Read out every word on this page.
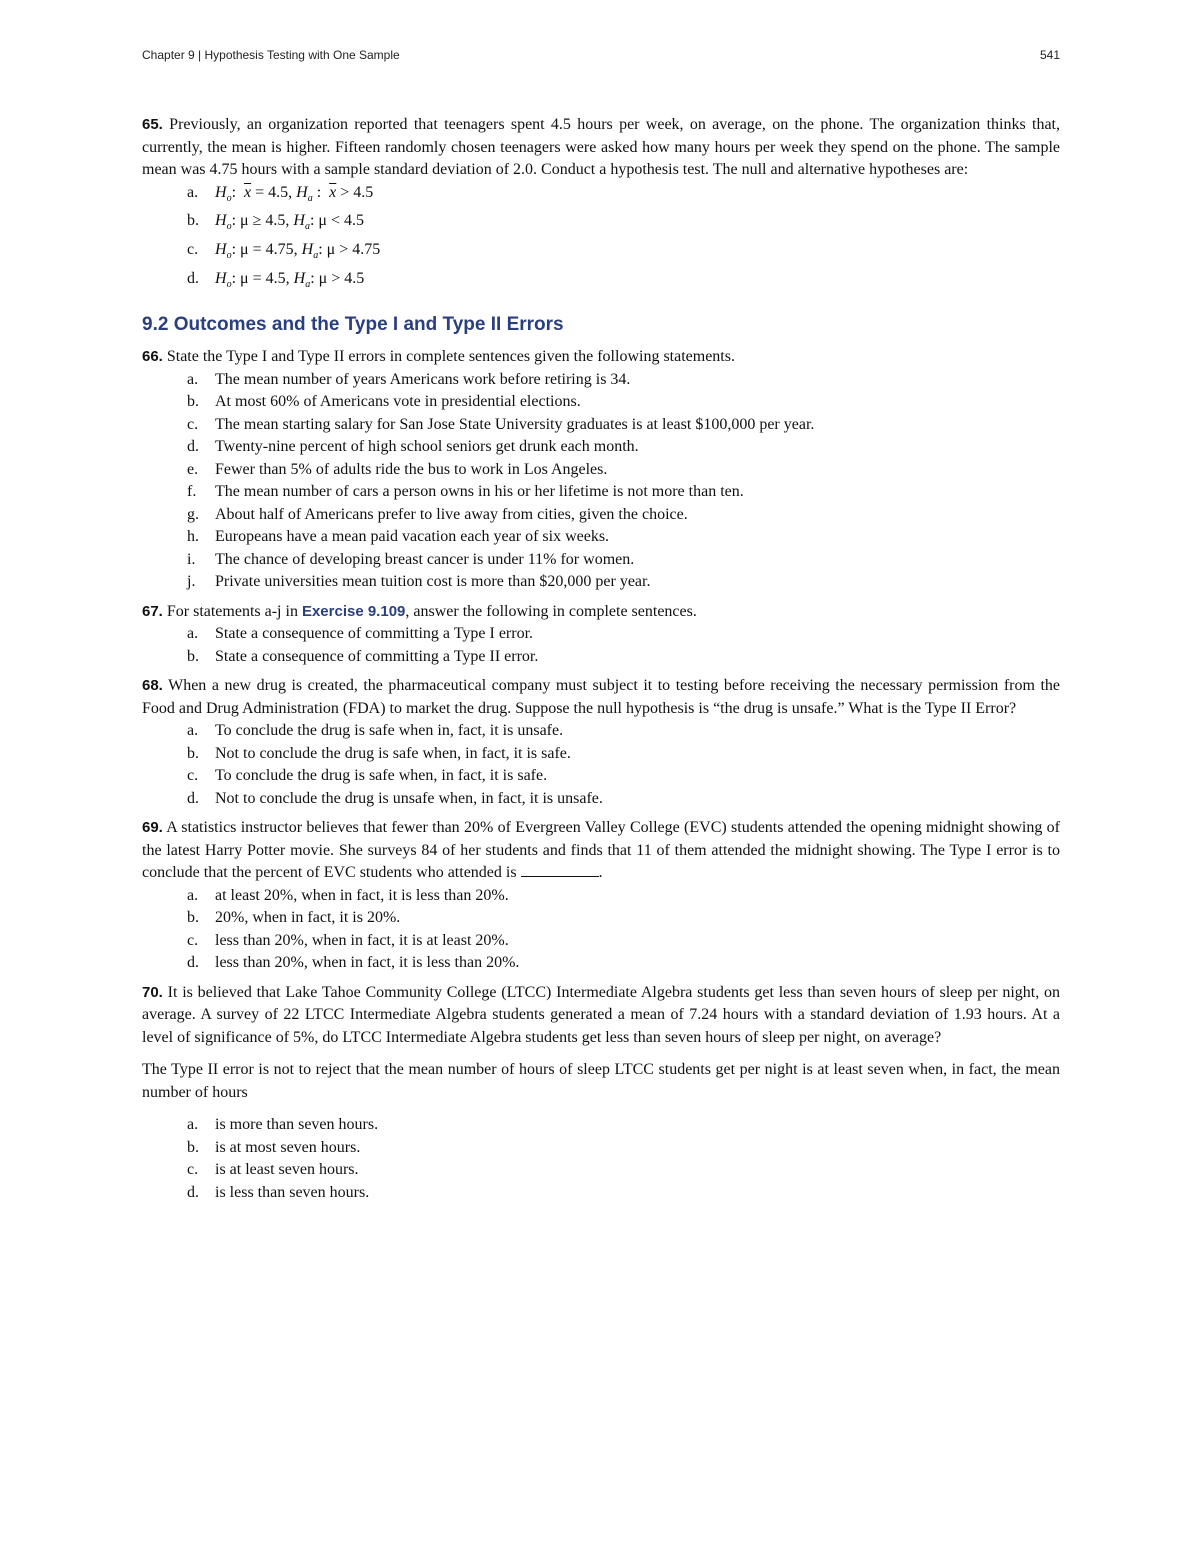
Chapter 9 | Hypothesis Testing with One Sample	541

65. Previously, an organization reported that teenagers spent 4.5 hours per week, on average, on the phone. The organization thinks that, currently, the mean is higher. Fifteen randomly chosen teenagers were asked how many hours per week they spend on the phone. The sample mean was 4.75 hours with a sample standard deviation of 2.0. Conduct a hypothesis test. The null and alternative hypotheses are:

a. $H_o$:  $\overline{x} = 4.5$, $H_a$ :  $\overline{x} > 4.5$
b. $H_o$: μ ≥ 4.5, $H_a$: μ < 4.5
c. $H_o$: μ = 4.75, $H_a$: μ > 4.75
d. $H_o$: μ = 4.5, $H_a$: μ > 4.5
9.2 Outcomes and the Type I and Type II Errors

66. State the Type I and Type II errors in complete sentences given the following statements.

a. The mean number of years Americans work before retiring is 34.
b. At most 60% of Americans vote in presidential elections.
c. The mean starting salary for San Jose State University graduates is at least $100,000 per year.
d. Twenty-nine percent of high school seniors get drunk each month.
e. Fewer than 5% of adults ride the bus to work in Los Angeles.
f. The mean number of cars a person owns in his or her lifetime is not more than ten.
g. About half of Americans prefer to live away from cities, given the choice.
h. Europeans have a mean paid vacation each year of six weeks.
i. The chance of developing breast cancer is under 11% for women.
j. Private universities mean tuition cost is more than $20,000 per year.

67. For statements a-j in Exercise 9.109, answer the following in complete sentences.

a. State a consequence of committing a Type I error.
b. State a consequence of committing a Type II error.

68. When a new drug is created, the pharmaceutical company must subject it to testing before receiving the necessary permission from the Food and Drug Administration (FDA) to market the drug. Suppose the null hypothesis is “the drug is unsafe.” What is the Type II Error?

a. To conclude the drug is safe when in, fact, it is unsafe.
b. Not to conclude the drug is safe when, in fact, it is safe.
c. To conclude the drug is safe when, in fact, it is safe.
d. Not to conclude the drug is unsafe when, in fact, it is unsafe.

69. A statistics instructor believes that fewer than 20% of Evergreen Valley College (EVC) students attended the opening midnight showing of the latest Harry Potter movie. She surveys 84 of her students and finds that 11 of them attended the midnight showing. The Type I error is to conclude that the percent of EVC students who attended is	.

a. at least 20%, when in fact, it is less than 20%.
b. 20%, when in fact, it is 20%.
c. less than 20%, when in fact, it is at least 20%.
d. less than 20%, when in fact, it is less than 20%.

70. It is believed that Lake Tahoe Community College (LTCC) Intermediate Algebra students get less than seven hours of sleep per night, on average. A survey of 22 LTCC Intermediate Algebra students generated a mean of 7.24 hours with a standard deviation of 1.93 hours. At a level of significance of 5%, do LTCC Intermediate Algebra students get less than seven hours of sleep per night, on average?

The Type II error is not to reject that the mean number of hours of sleep LTCC students get per night is at least seven when, in fact, the mean number of hours

a. is more than seven hours.
b. is at most seven hours.
c. is at least seven hours.
d. is less than seven hours.
